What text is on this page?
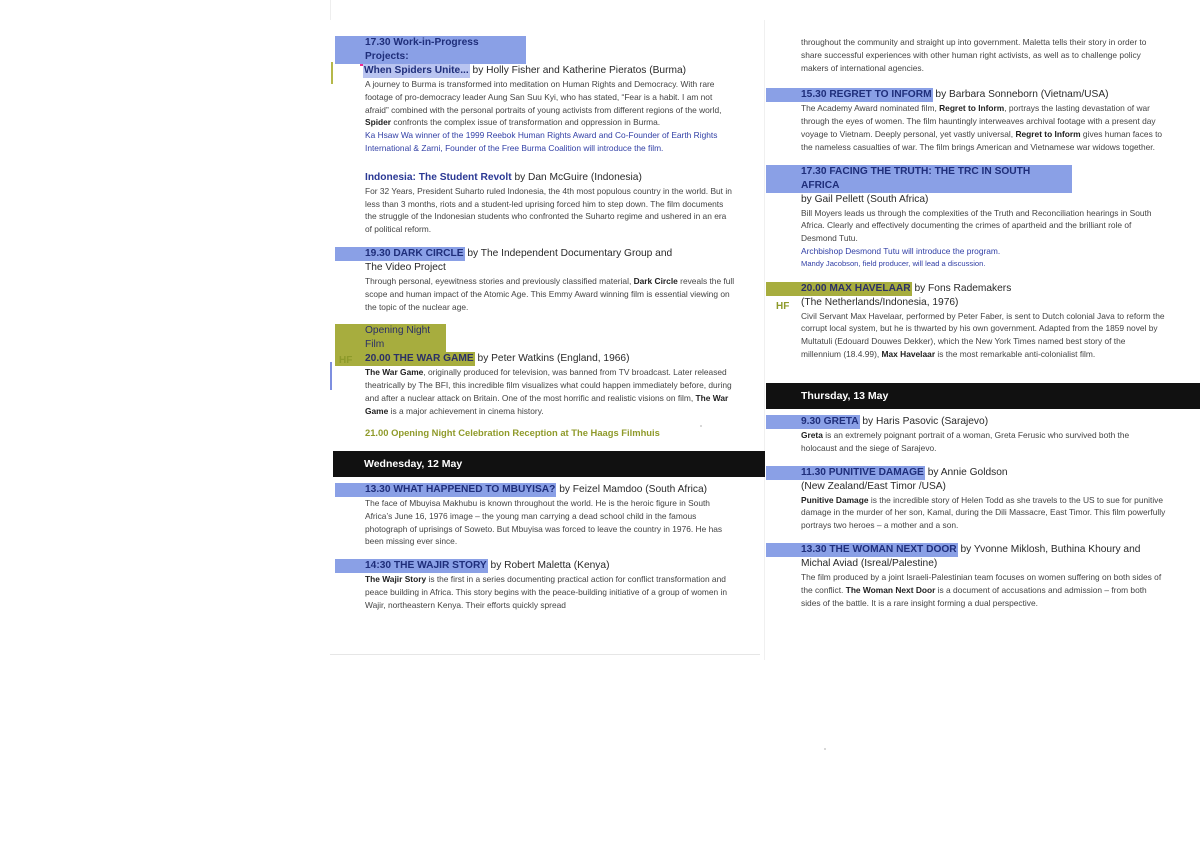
17.30 Work-in-Progress Projects:
When Spiders Unite... by Holly Fisher and Katherine Pieratos (Burma)
A journey to Burma is transformed into meditation on Human Rights and Democracy. With rare footage of pro-democracy leader Aung San Suu Kyi, who has stated, “Fear is a habit. I am not afraid” combined with the personal portraits of young activists from different regions of the world, Spider confronts the complex issue of transformation and oppression in Burma.
Ka Hsaw Wa winner of the 1999 Reebok Human Rights Award and Co-Founder of Earth Rights International & Zarni, Founder of the Free Burma Coalition will introduce the film.
Indonesia: The Student Revolt by Dan McGuire (Indonesia)
For 32 Years, President Suharto ruled Indonesia, the 4th most populous country in the world. But in less than 3 months, riots and a student-led uprising forced him to step down. The film documents the struggle of the Indonesian students who confronted the Suharto regime and ushered in an era of political reform.
19.30 DARK CIRCLE by The Independent Documentary Group and
The Video Project
Through personal, eyewitness stories and previously classified material, Dark Circle reveals the full scope and human impact of the Atomic Age. This Emmy Award winning film is essential viewing on the topic of the nuclear age.
Opening Night Film
20.00 THE WAR GAME by Peter Watkins (England, 1966)
The War Game, originally produced for television, was banned from TV broadcast. Later released theatrically by The BFI, this incredible film visualizes what could happen immediately before, during and after a nuclear attack on Britain. One of the most horrific and realistic visions on film, The War Game is a major achievement in cinema history.
21.00 Opening Night Celebration Reception at The Haags Filmhuis
HF
Wednesday, 12 May
13.30 WHAT HAPPENED TO MBUYISA? by Feizel Mamdoo (South Africa)
The face of Mbuyisa Makhubu is known throughout the world. He is the heroic figure in South Africa’s June 16, 1976 image – the young man carrying a dead school child in the famous photograph of uprisings of Soweto. But Mbuyisa was forced to leave the country in 1976. He has been missing ever since.
14:30 THE WAJIR STORY by Robert Maletta (Kenya)
The Wajir Story is the first in a series documenting practical action for conflict transformation and peace building in Africa. This story begins with the peace-building initiative of a group of women in Wajir, northeastern Kenya. Their efforts quickly spread
throughout the community and straight up into government. Maletta tells their story in order to share successful experiences with other human right activists, as well as to challenge policy makers of international agencies.
15.30 REGRET TO INFORM by Barbara Sonneborn (Vietnam/USA)
The Academy Award nominated film, Regret to Inform, portrays the lasting devastation of war through the eyes of women. The film hauntingly interweaves archival footage with a present day voyage to Vietnam. Deeply personal, yet vastly universal, Regret to Inform gives human faces to the nameless casualties of war. The film brings American and Vietnamese war widows together.
17.30 FACING THE TRUTH: THE TRC IN SOUTH AFRICA
by Gail Pellett (South Africa)
Bill Moyers leads us through the complexities of the Truth and Reconciliation hearings in South Africa. Clearly and effectively documenting the crimes of apartheid and the brilliant role of Desmond Tutu.
Archbishop Desmond Tutu will introduce the program.
Mandy Jacobson, field producer, will lead a discussion.
20.00 MAX HAVELAAR by Fons Rademakers
(The Netherlands/Indonesia, 1976)
Civil Servant Max Havelaar, performed by Peter Faber, is sent to Dutch colonial Java to reform the corrupt local system, but he is thwarted by his own government. Adapted from the 1859 novel by Multatuli (Edouard Douwes Dekker), which the New York Times named best story of the millennium (18.4.99), Max Havelaar is the most remarkable anti-colonialist film.
HF
Thursday, 13 May
9.30 GRETA by Haris Pasovic (Sarajevo)
Greta is an extremely poignant portrait of a woman, Greta Ferusic who survived both the holocaust and the siege of Sarajevo.
11.30 PUNITIVE DAMAGE by Annie Goldson
(New Zealand/East Timor /USA)
Punitive Damage is the incredible story of Helen Todd as she travels to the US to sue for punitive damage in the murder of her son, Kamal, during the Dili Massacre, East Timor. This film powerfully portrays two heroes – a mother and a son.
13.30 THE WOMAN NEXT DOOR by Yvonne Miklosh, Buthina Khoury and
Michal Aviad (Isreal/Palestine)
The film produced by a joint Israeli-Palestinian team focuses on women suffering on both sides of the conflict. The Woman Next Door is a document of accusations and admission – from both sides of the battle. It is a rare insight forming a dual perspective.
